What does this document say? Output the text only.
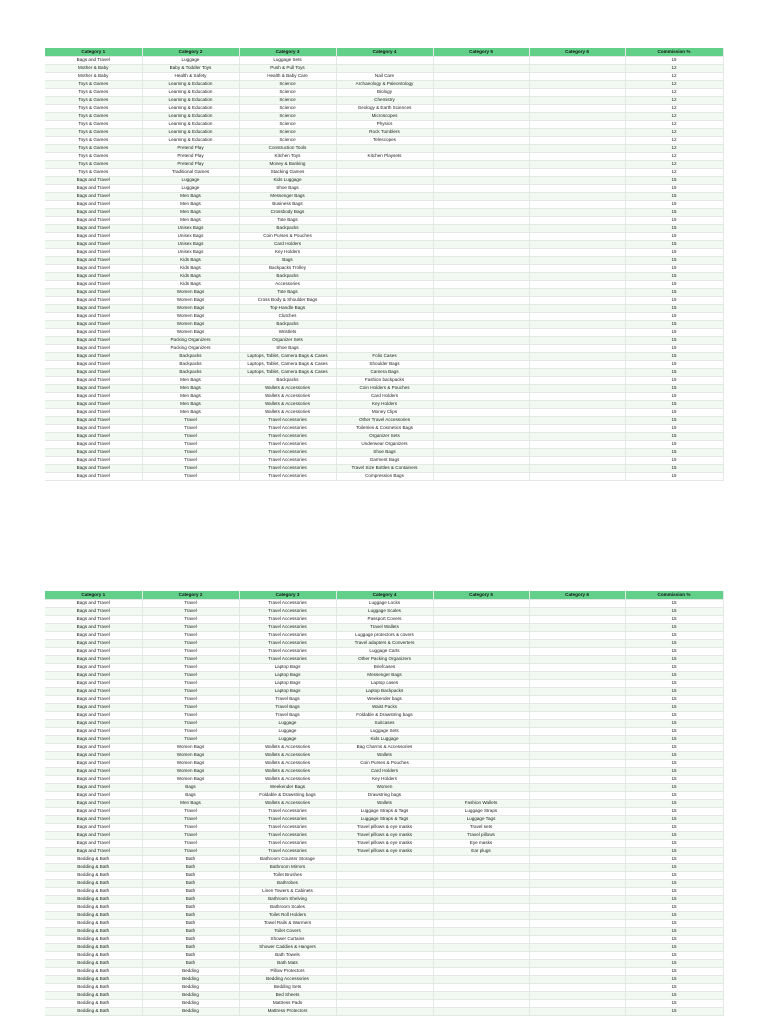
Category 1	Category 2	Category 3	Category 4	Category 5	Category 6	Commission %
Bags and Travel	Luggage	Luggage Sets				15
Mother & Baby	Baby & Toddler Toys	Push & Pull Toys				12
Mother & Baby	Health & Safety	Health & Baby Care	Nail Care			12
Toys & Games	Learning & Education	Science	Archaeology & Paleontology			12
Toys & Games	Learning & Education	Science	Biology			12
Toys & Games	Learning & Education	Science	Chemistry			12
Toys & Games	Learning & Education	Science	Geology & Earth Sciences			12
Toys & Games	Learning & Education	Science	Microscopes			12
Toys & Games	Learning & Education	Science	Physics			12
Toys & Games	Learning & Education	Science	Rock Tumblers			12
Toys & Games	Learning & Education	Science	Telescopes			12
Toys & Games	Pretend Play	Construction Tools				12
Toys & Games	Pretend Play	Kitchen Toys	Kitchen Playsets			12
Toys & Games	Pretend Play	Money & Banking				12
Toys & Games	Traditional Games	Stacking Games				12
Bags and Travel	Luggage	Kids Luggage				15
Bags and Travel	Luggage	Shoe Bags				15
Bags and Travel	Men Bags	Messenger Bags				15
Bags and Travel	Men Bags	Business Bags				15
Bags and Travel	Men Bags	Crossbody Bags				15
Bags and Travel	Men Bags	Tote Bags				15
Bags and Travel	Unisex Bags	Backpacks				15
Bags and Travel	Unisex Bags	Coin Purses & Pouches				15
Bags and Travel	Unisex Bags	Card Holders				15
Bags and Travel	Unisex Bags	Key Holders				15
Bags and Travel	Kids Bags	Bags				15
Bags and Travel	Kids Bags	Backpacks Trolley				15
Bags and Travel	Kids Bags	Backpacks				15
Bags and Travel	Kids Bags	Accessories				15
Bags and Travel	Women Bags	Tote Bags				15
Bags and Travel	Women Bags	Cross Body & Shoulder Bags				15
Bags and Travel	Women Bags	Top-Handle Bags				15
Bags and Travel	Women Bags	Clutches				15
Bags and Travel	Women Bags	Backpacks				15
Bags and Travel	Women Bags	Wristlets				15
Bags and Travel	Packing Organizers	Organizer Sets				15
Bags and Travel	Packing Organizers	Shoe Bags				15
Bags and Travel	Backpacks	Laptops, Tablet, Camera Bags & Cases	Folio Cases			15
Bags and Travel	Backpacks	Laptops, Tablet, Camera Bags & Cases	Shoulder Bags			15
Bags and Travel	Backpacks	Laptops, Tablet, Camera Bags & Cases	Camera Bags			15
Bags and Travel	Men Bags	Backpacks	Fashion backpacks			15
Bags and Travel	Men Bags	Wallets & Accessories	Coin Holders & Pouches			15
Bags and Travel	Men Bags	Wallets & Accessories	Card Holders			15
Bags and Travel	Men Bags	Wallets & Accessories	Key Holders			15
Bags and Travel	Men Bags	Wallets & Accessories	Money Clips			15
Bags and Travel	Travel	Travel Accessories	Other Travel Accessories			15
Bags and Travel	Travel	Travel Accessories	Toiletries & Cosmetics Bags			15
Bags and Travel	Travel	Travel Accessories	Organizer Sets			15
Bags and Travel	Travel	Travel Accessories	Underwear Organizers			15
Bags and Travel	Travel	Travel Accessories	Shoe Bags			15
Bags and Travel	Travel	Travel Accessories	Garment Bags			15
Bags and Travel	Travel	Travel Accessories	Travel Size Bottles & Containers			15
Bags and Travel	Travel	Travel Accessories	Compression Bags			15
Category 1	Category 2	Category 3	Category 4	Category 5	Category 6	Commission %
Bags and Travel	Travel	Travel Accessories	Luggage Locks			15
Bags and Travel	Travel	Travel Accessories	Luggage Scales			15
Bags and Travel	Travel	Travel Accessories	Passport Covers			15
Bags and Travel	Travel	Travel Accessories	Travel Wallets			15
Bags and Travel	Travel	Travel Accessories	Luggage protectors & covers			15
Bags and Travel	Travel	Travel Accessories	Travel adapters & Converters			15
Bags and Travel	Travel	Travel Accessories	Luggage Carts			15
Bags and Travel	Travel	Travel Accessories	Other Packing Organizers			15
Bags and Travel	Travel	Laptop Bags	Briefcases			15
Bags and Travel	Travel	Laptop Bags	Messenger Bags			15
Bags and Travel	Travel	Laptop Bags	Laptop cases			15
Bags and Travel	Travel	Laptop Bags	Laptop Backpacks			15
Bags and Travel	Travel	Travel Bags	Weekender bags			15
Bags and Travel	Travel	Travel Bags	Waist Packs			15
Bags and Travel	Travel	Travel Bags	Foldable & Drawstring bags			15
Bags and Travel	Travel	Luggage	Suitcases			15
Bags and Travel	Travel	Luggage	Luggage Sets			15
Bags and Travel	Travel	Luggage	Kids Luggage			15
Bags and Travel	Women Bags	Wallets & Accessories	Bag Charms & Accessories			15
Bags and Travel	Women Bags	Wallets & Accessories	Wallets			15
Bags and Travel	Women Bags	Wallets & Accessories	Coin Purses & Pouches			15
Bags and Travel	Women Bags	Wallets & Accessories	Card Holders			15
Bags and Travel	Women Bags	Wallets & Accessories	Key Holders			15
Bags and Travel	Bags	Weekender Bags	Women			15
Bags and Travel	Bags	Foldable & Drawstring bags	Drawstring bags			15
Bags and Travel	Men Bags	Wallets & Accessories	Wallets	Fashion Wallets		15
Bags and Travel	Travel	Travel Accessories	Luggage Straps & Tags	Luggage Straps		15
Bags and Travel	Travel	Travel Accessories	Luggage Straps & Tags	Luggage Tags		15
Bags and Travel	Travel	Travel Accessories	Travel pillows & eye masks	Travel sets		15
Bags and Travel	Travel	Travel Accessories	Travel pillows & eye masks	Travel pillows		15
Bags and Travel	Travel	Travel Accessories	Travel pillows & eye masks	Eye masks		15
Bags and Travel	Travel	Travel Accessories	Travel pillows & eye masks	Ear plugs		15
Bedding & Bath	Bath	Bathroom Counter Storage				15
Bedding & Bath	Bath	Bathroom Mirrors				15
Bedding & Bath	Bath	Toilet Brushes				15
Bedding & Bath	Bath	Bathrobes				15
Bedding & Bath	Bath	Linen Towers & Cabinets				15
Bedding & Bath	Bath	Bathroom Shelving				15
Bedding & Bath	Bath	Bathroom Scales				15
Bedding & Bath	Bath	Toilet Roll Holders				15
Bedding & Bath	Bath	Towel Rails & Warmers				15
Bedding & Bath	Bath	Toilet Covers				15
Bedding & Bath	Bath	Shower Curtains				15
Bedding & Bath	Bath	Shower Caddies & Hangers				15
Bedding & Bath	Bath	Bath Towels				15
Bedding & Bath	Bath	Bath Mats				15
Bedding & Bath	Bedding	Pillow Protectors				15
Bedding & Bath	Bedding	Bedding Accessories				15
Bedding & Bath	Bedding	Bedding Sets				15
Bedding & Bath	Bedding	Bed Sheets				15
Bedding & Bath	Bedding	Mattress Pads				15
Bedding & Bath	Bedding	Mattress Protectors				15
